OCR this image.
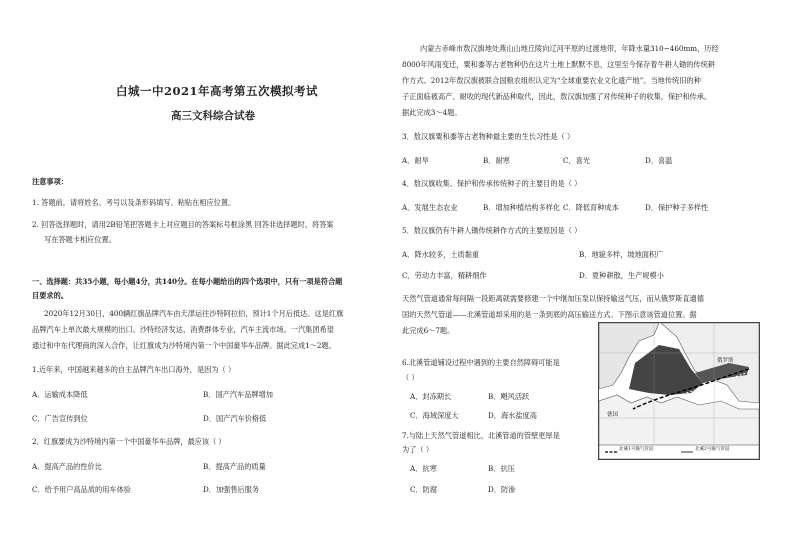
白城一中2021年高考第五次模拟考试
高三文科综合试卷
注意事项：
1. 答题前，请将姓名、考号以及条形码填写、粘贴在相应位置。
2. 回答选择题时，请用2B铅笔把答题卡上对应题目的答案标号框涂黑 回答非选择题时，将答案
写在答题卡相应位置。
一、选择题：共35小题，每小题4分，共140分。在每小题给出的四个选项中，只有一项是符合题
目要求的。
2020年12月30日，400辆红旗品牌汽车由天津运往沙特阿拉伯，预计1个月后抵达。这是红旗
品牌汽车上单次最大规模的出口。沙特经济发达，消费群体专业，汽车主流市场。一汽集团希望
通过和中东代理商的深入合作，让红旗成为沙特境内第一个中国豪华车品牌。据此完成1～2题。
1.近年来，中国越来越多的自主品牌汽车出口海外，是因为（ ）
A．运输成本降低	B．国产汽车品牌增加
C．广告宣传到位	D．国产汽车价格低
2．红旗要成为沙特境内第一个中国豪华车品牌，最应该（ ）
A．提高产品的性价比	B．提高产品的质量
C．给予用户高品质的用车体验	D．加强售后服务
内蒙古赤峰市敖汉旗地处燕山山地丘陵向辽河平原的过渡地带，年降水量310~460mm，历经
8000年风雨变迁，粟和黍等古老物种仍在这片土地上默默不息，这里至今保存着牛耕人锄的传统耕
作方式。2012年敖汉旗被联合国粮农组织认定为“全球重要农业文化遗产地”。当地传统旧的种
子正面临被高产、耐收的现代新品种取代，因此，敖汉旗加强了对传统种子的收集、保护和传承。
据此完成3～4题。
3．敖汉旗粟和黍等古老物种最主要的生长习性是（ ）
A．耐旱	B．耐寒	C．喜光	D．喜温
4．敖汉旗收集、保护和传承传统种子的主要目的是（ ）
A．发展生态农业	B．增加种植结构多样化 C．降低育种成本	D．保护种子多样性
5．敖汉旗仍有牛耕人锄传统耕作方式的主要原因是（ ）
A．降水较多，土质黏重	B．地貌多样，坡地面积广
C．劳动力丰富，精耕细作	D．夏种耕散，生产规模小
天然气管道通常每间隔一段距离就需要修建一个中继加压泵以保持输送气压，而从俄罗斯直通德
国的天然气管道——北溪管道却采用的是一条到底的高压输送方式。下图示意该管道位置。据
此完成6～7题。
6.北溪管道铺设过程中遇到的主要自然障碍可能是
（ ）
A．封冻期长	B．飓风活跃
C．海域深度大	D．海水盐度高
7.与陆上天然气管道相比，北溪管道的管壁更厚是
为了（ ）
A．抗寒	B．抗压
C．防腐	D．防渗
俄罗斯
德国
北溪1号输气管道	北溪2号输气管道
